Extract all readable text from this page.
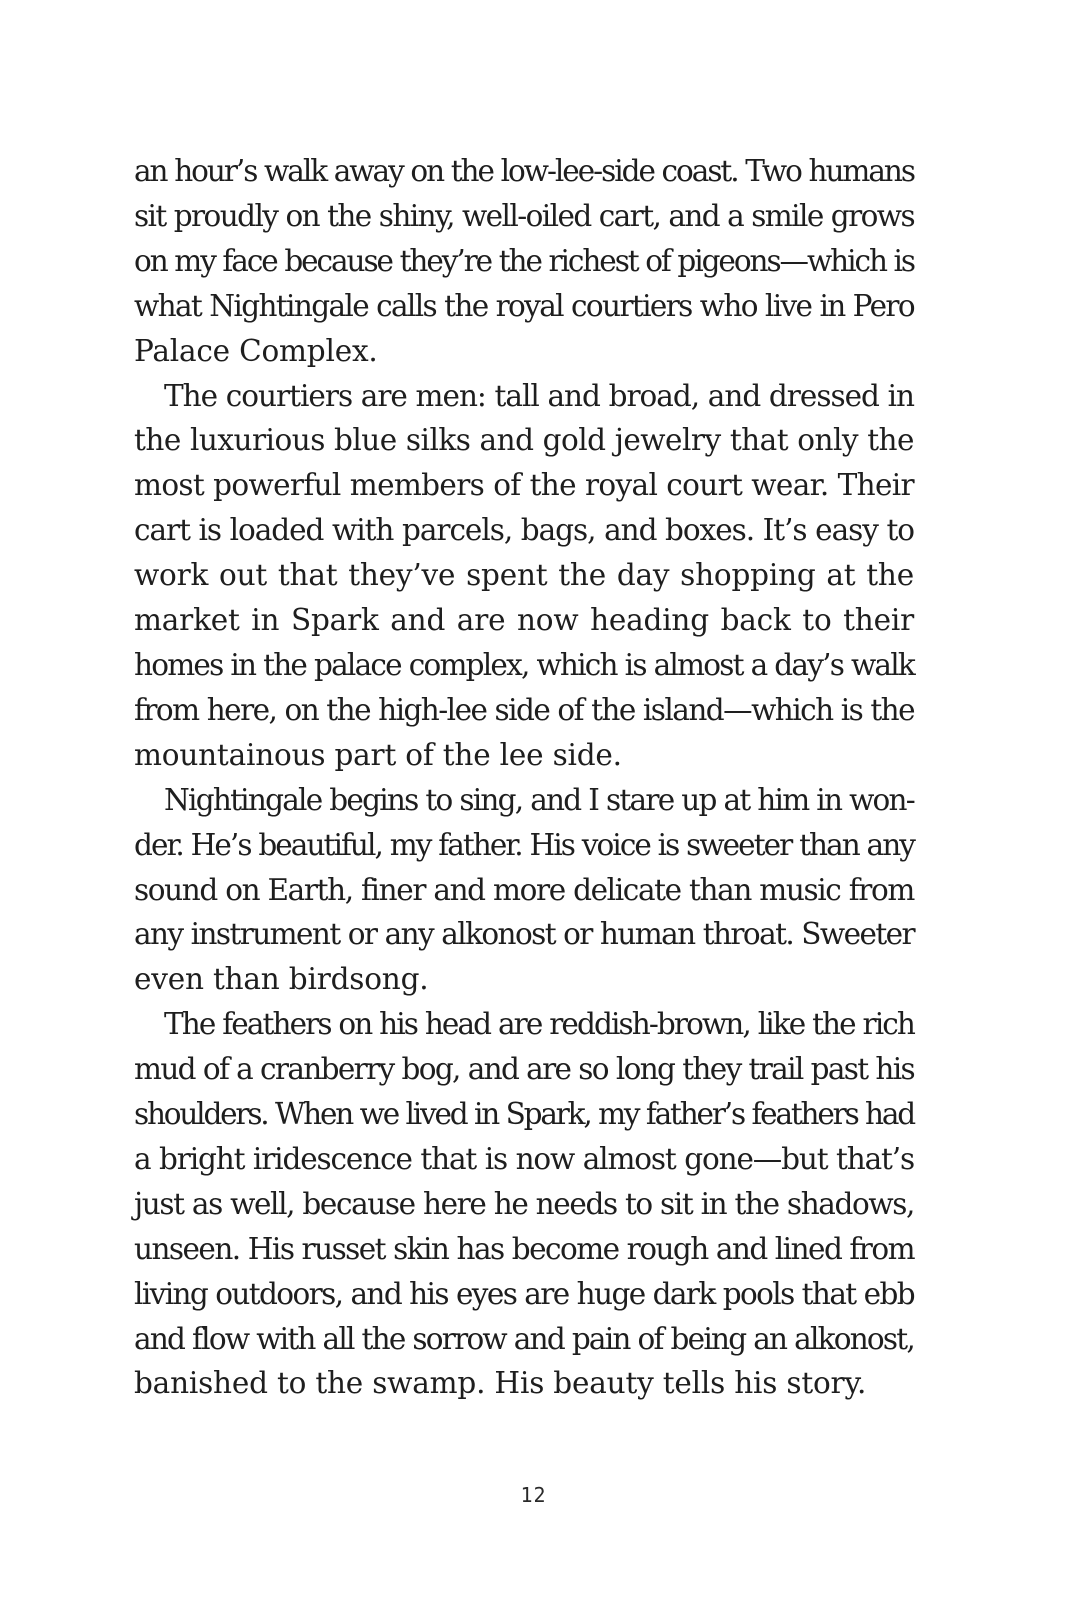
an hour’s walk away on the low-lee-side coast. Two humans
sit proudly on the shiny, well-oiled cart, and a smile grows
on my face because they’re the richest of pigeons—which is
what Nightingale calls the royal courtiers who live in Pero
Palace Complex.

The courtiers are men: tall and broad, and dressed in
the luxurious blue silks and gold jewelry that only the
most powerful members of the royal court wear. Their
cart is loaded with parcels, bags, and boxes. It’s easy to
work out that they’ve spent the day shopping at the
market in Spark and are now heading back to their
homes in the palace complex, which is almost a day’s walk
from here, on the high-lee side of the island—which is the
mountainous part of the lee side.

Nightingale begins to sing, and I stare up at him in won-
der. He’s beautiful, my father. His voice is sweeter than any
sound on Earth, finer and more delicate than music from
any instrument or any alkonost or human throat. Sweeter
even than birdsong.

The feathers on his head are reddish-brown, like the rich
mud of a cranberry bog, and are so long they trail past his
shoulders. When we lived in Spark, my father’s feathers had
a bright iridescence that is now almost gone—but that’s
just as well, because here he needs to sit in the shadows,
unseen. His russet skin has become rough and lined from
living outdoors, and his eyes are huge dark pools that ebb
and flow with all the sorrow and pain of being an alkonost,
banished to the swamp. His beauty tells his story.

12
